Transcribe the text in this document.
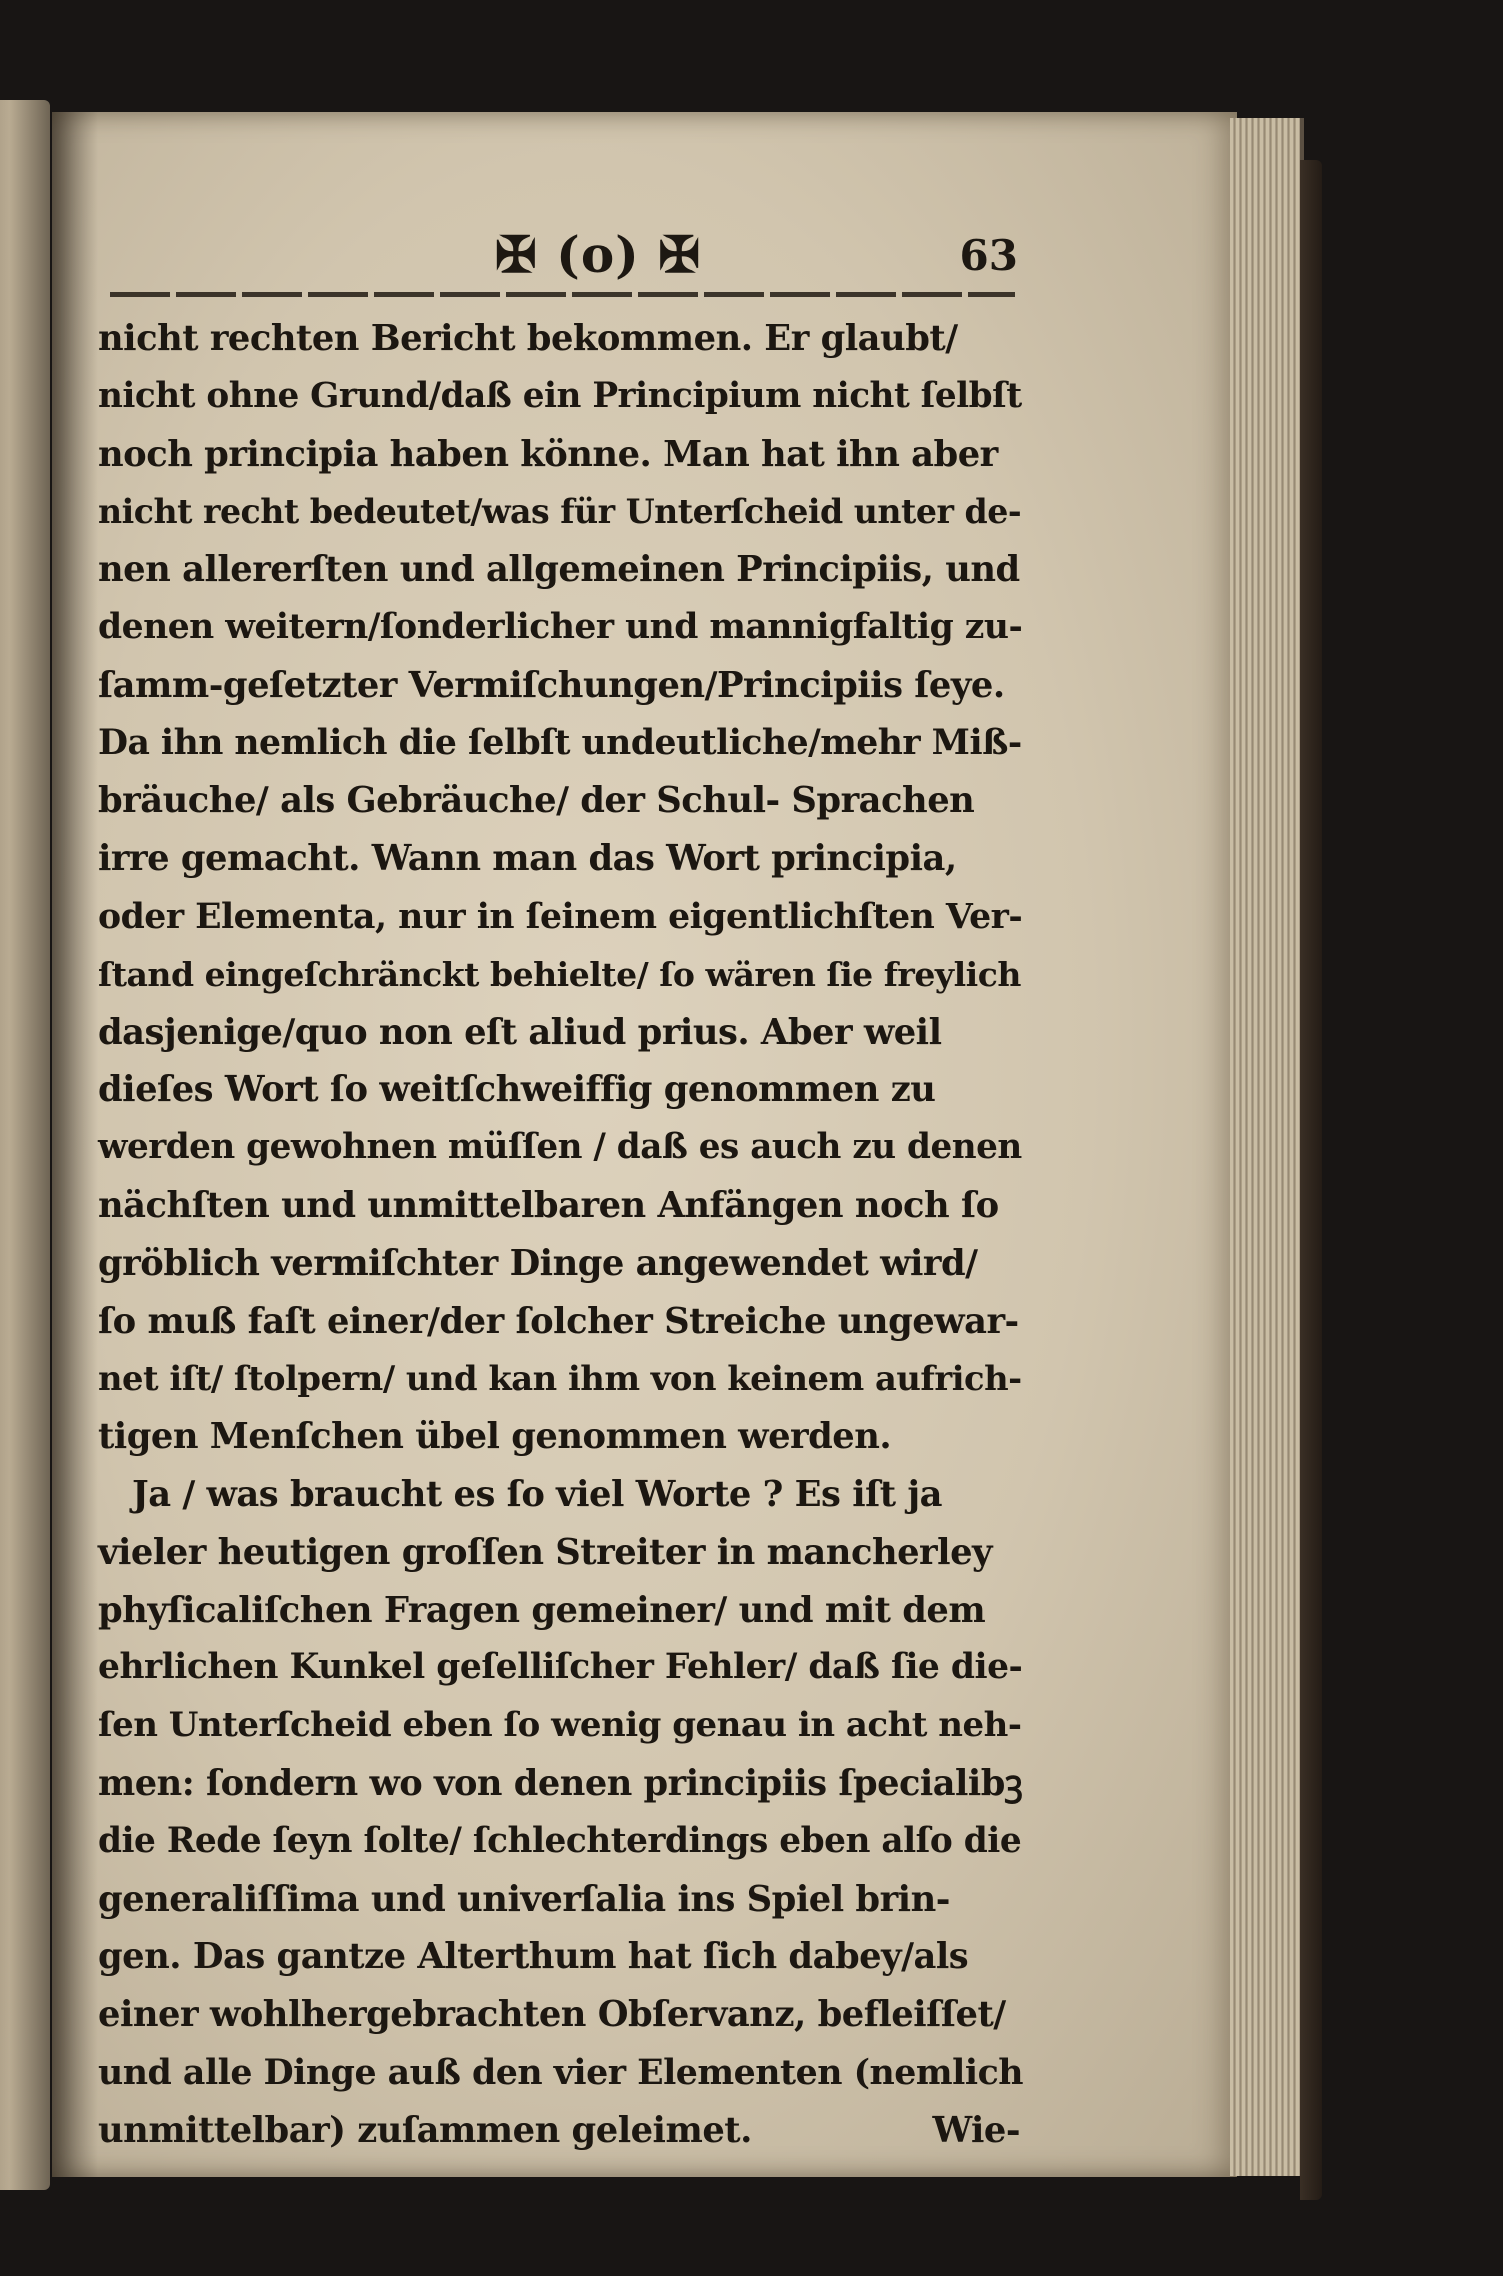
✠ (o) ✠	63
nicht rechten Bericht bekommen. Er glaubt/
nicht ohne Grund/daß ein Principium nicht ſelbſt
noch principia haben könne. Man hat ihn aber
nicht recht bedeutet/was für Unterſcheid unter de-
nen allererſten und allgemeinen Principiis, und
denen weitern/ſonderlicher und mannigfaltig zu-
ſamm-geſetzter Vermiſchungen/Principiis ſeye.
Da ihn nemlich die ſelbſt undeutliche/mehr Miß-
bräuche/ als Gebräuche/ der Schul- Sprachen
irre gemacht. Wann man das Wort principia,
oder Elementa, nur in ſeinem eigentlichſten Ver-
ſtand eingeſchränckt behielte/ ſo wären ſie freylich
dasjenige/quo non eſt aliud prius. Aber weil
dieſes Wort ſo weitſchweiffig genommen zu
werden gewohnen müſſen / daß es auch zu denen
nächſten und unmittelbaren Anfängen noch ſo
gröblich vermiſchter Dinge angewendet wird/
ſo muß faſt einer/der ſolcher Streiche ungewar-
net iſt/ ſtolpern/ und kan ihm von keinem aufrich-
tigen Menſchen übel genommen werden.
Ja / was braucht es ſo viel Worte ? Es iſt ja
vieler heutigen groſſen Streiter in mancherley
phyſicaliſchen Fragen gemeiner/ und mit dem
ehrlichen Kunkel geſelliſcher Fehler/ daß ſie die-
ſen Unterſcheid eben ſo wenig genau in acht neh-
men: ſondern wo von denen principiis ſpecialibꝫ
die Rede ſeyn ſolte/ ſchlechterdings eben alſo die
generaliſſima und univerſalia ins Spiel brin-
gen. Das gantze Alterthum hat ſich dabey/als
einer wohlhergebrachten Obſervanz, befleiſſet/
und alle Dinge auß den vier Elementen (nemlich
unmittelbar) zuſammen geleimet.	Wie-
